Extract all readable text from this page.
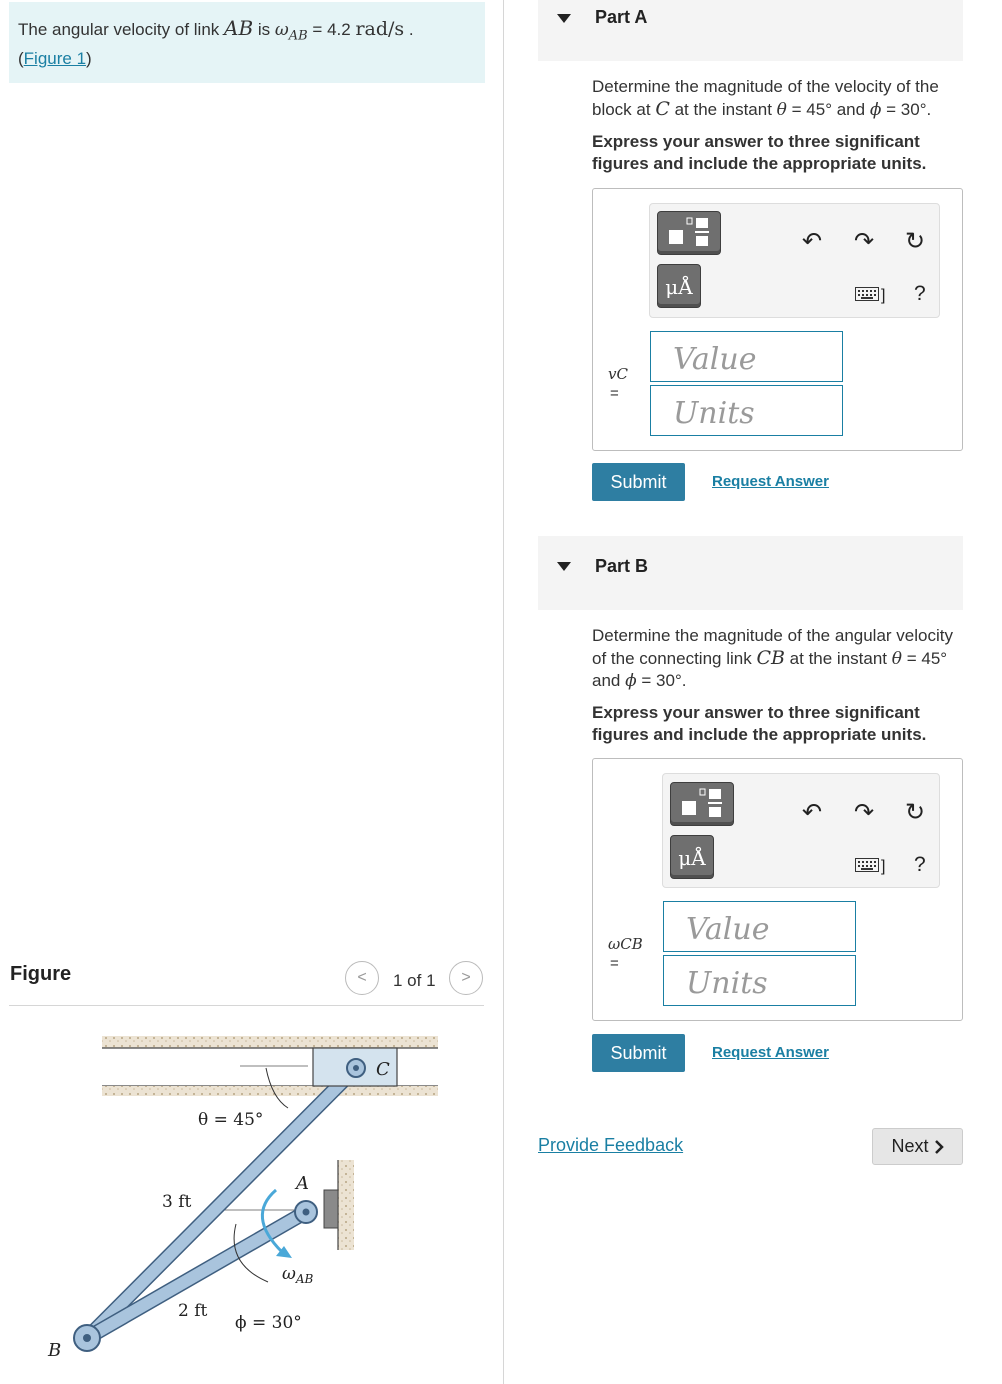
The angular velocity of link AB is $\omega_{AB} = 4.2$ rad/s .
(Figure 1)
Figure	< 1 of 1 >
C
A
B
θ = 45°
ϕ = 30°
3 ft
2 ft
$\omega_{AB}$
Part A
Determine the magnitude of the velocity of the
block at C at the instant θ = 45° and ϕ = 30°.
Express your answer to three significant figures and include the appropriate units.
μÅ
↶ ↷ ↻
] ?
vC
=
Value
Units
Submit	Request Answer
Part B
Determine the magnitude of the angular velocity
of the connecting link CB at the instant θ = 45°
and ϕ = 30°.
Express your answer to three significant figures and include the appropriate units.
μÅ
↶ ↷ ↻
] ?
ωCB
=
Value
Units
Submit	Request Answer
Provide Feedback	Next
